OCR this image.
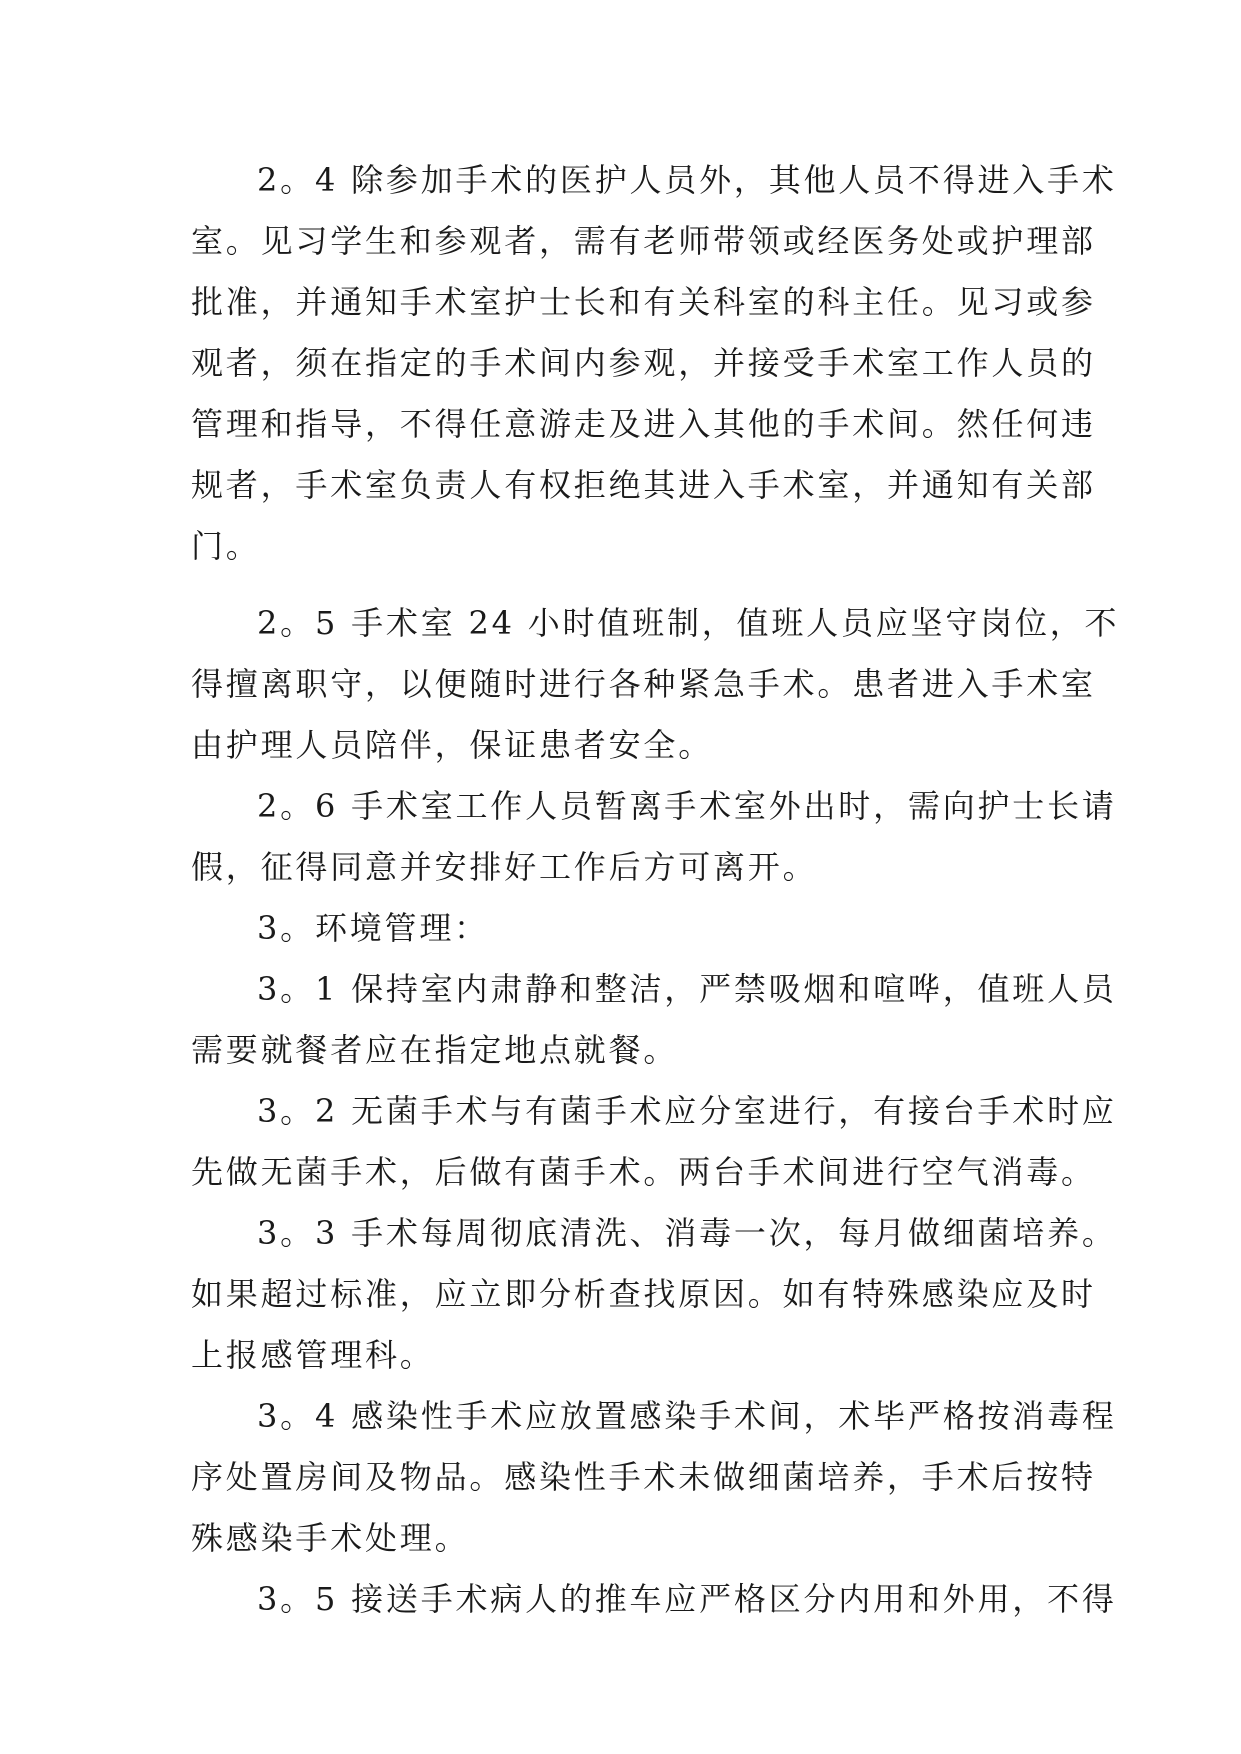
2。4 除参加手术的医护人员外，其他人员不得进入手术
室。见习学生和参观者，需有老师带领或经医务处或护理部
批准，并通知手术室护士长和有关科室的科主任。见习或参
观者，须在指定的手术间内参观，并接受手术室工作人员的
管理和指导，不得任意游走及进入其他的手术间。然任何违
规者，手术室负责人有权拒绝其进入手术室，并通知有关部
门。
2。5 手术室 24 小时值班制，值班人员应坚守岗位，不
得擅离职守，以便随时进行各种紧急手术。患者进入手术室
由护理人员陪伴，保证患者安全。
2。6 手术室工作人员暂离手术室外出时，需向护士长请
假，征得同意并安排好工作后方可离开。
3。环境管理：
3。1 保持室内肃静和整洁，严禁吸烟和喧哗，值班人员
需要就餐者应在指定地点就餐。
3。2 无菌手术与有菌手术应分室进行，有接台手术时应
先做无菌手术，后做有菌手术。两台手术间进行空气消毒。
3。3 手术每周彻底清洗、消毒一次，每月做细菌培养。
如果超过标准，应立即分析查找原因。如有特殊感染应及时
上报感管理科。
3。4 感染性手术应放置感染手术间，术毕严格按消毒程
序处置房间及物品。感染性手术未做细菌培养，手术后按特
殊感染手术处理。
3。5 接送手术病人的推车应严格区分内用和外用，不得
